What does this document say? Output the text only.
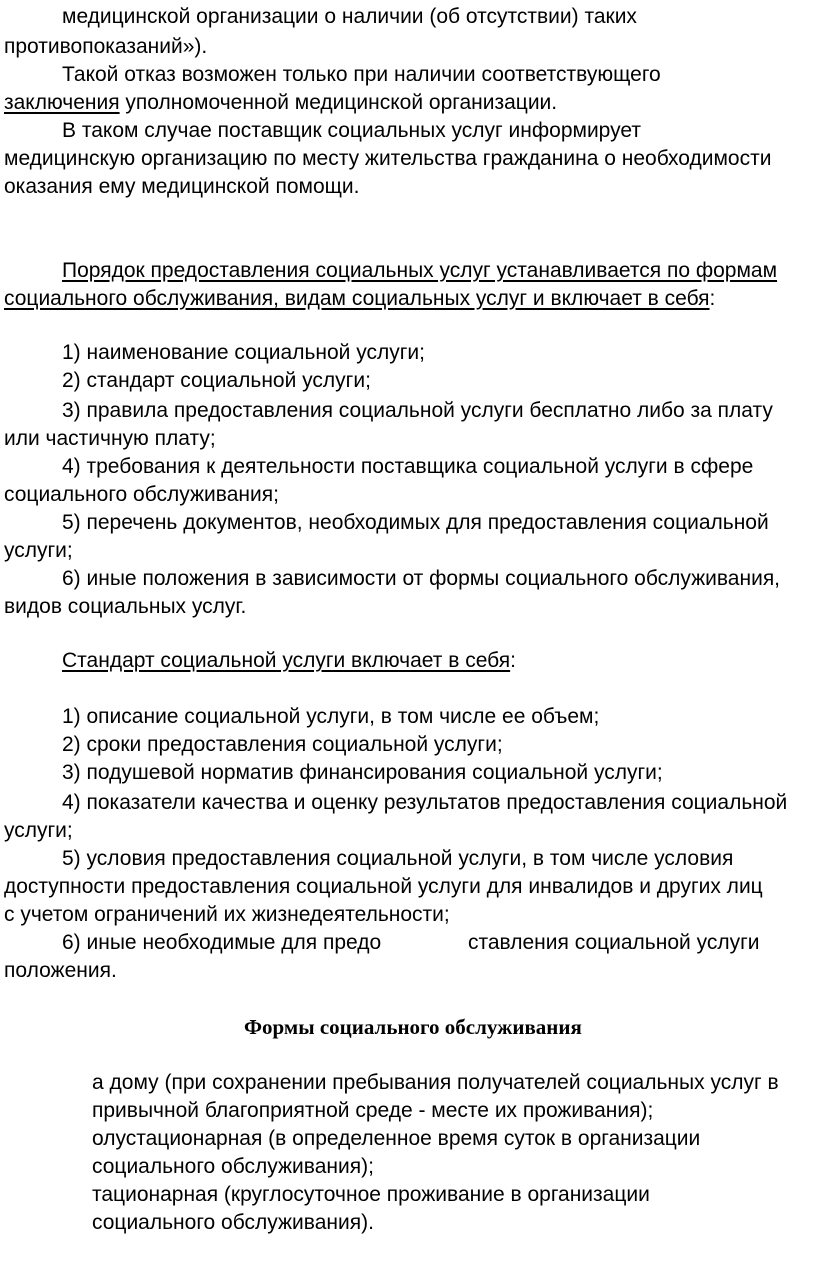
медицинской организации о наличии (об отсутствии) таких
противопоказаний»).
Такой отказ возможен только при наличии соответствующего
заключения уполномоченной медицинской организации.
В таком случае поставщик социальных услуг информирует
медицинскую организацию по месту жительства гражданина о необходимости
оказания ему медицинской помощи.
Порядок предоставления социальных услуг устанавливается по формам
социального обслуживания, видам социальных услуг и включает в себя:
1) наименование социальной услуги;
2) стандарт социальной услуги;
3) правила предоставления социальной услуги бесплатно либо за плату
или частичную плату;
4) требования к деятельности поставщика социальной услуги в сфере
социального обслуживания;
5) перечень документов, необходимых для предоставления социальной
услуги;
6) иные положения в зависимости от формы социального обслуживания,
видов социальных услуг.
Стандарт социальной услуги включает в себя:
1) описание социальной услуги, в том числе ее объем;
2) сроки предоставления социальной услуги;
3) подушевой норматив финансирования социальной услуги;
4) показатели качества и оценку результатов предоставления социальной
услуги;
5) условия предоставления социальной услуги, в том числе условия
доступности предоставления социальной услуги для инвалидов и других лиц
с учетом ограничений их жизнедеятельности;
6) иные необходимые для предо	ставления социальной услуги
положения.
Формы социального обслуживания
а дому (при сохранении пребывания получателей социальных услуг в
привычной благоприятной среде - месте их проживания);
олустационарная (в определенное время суток в организации
социального обслуживания);
тационарная (круглосуточное проживание в организации
социального обслуживания).
